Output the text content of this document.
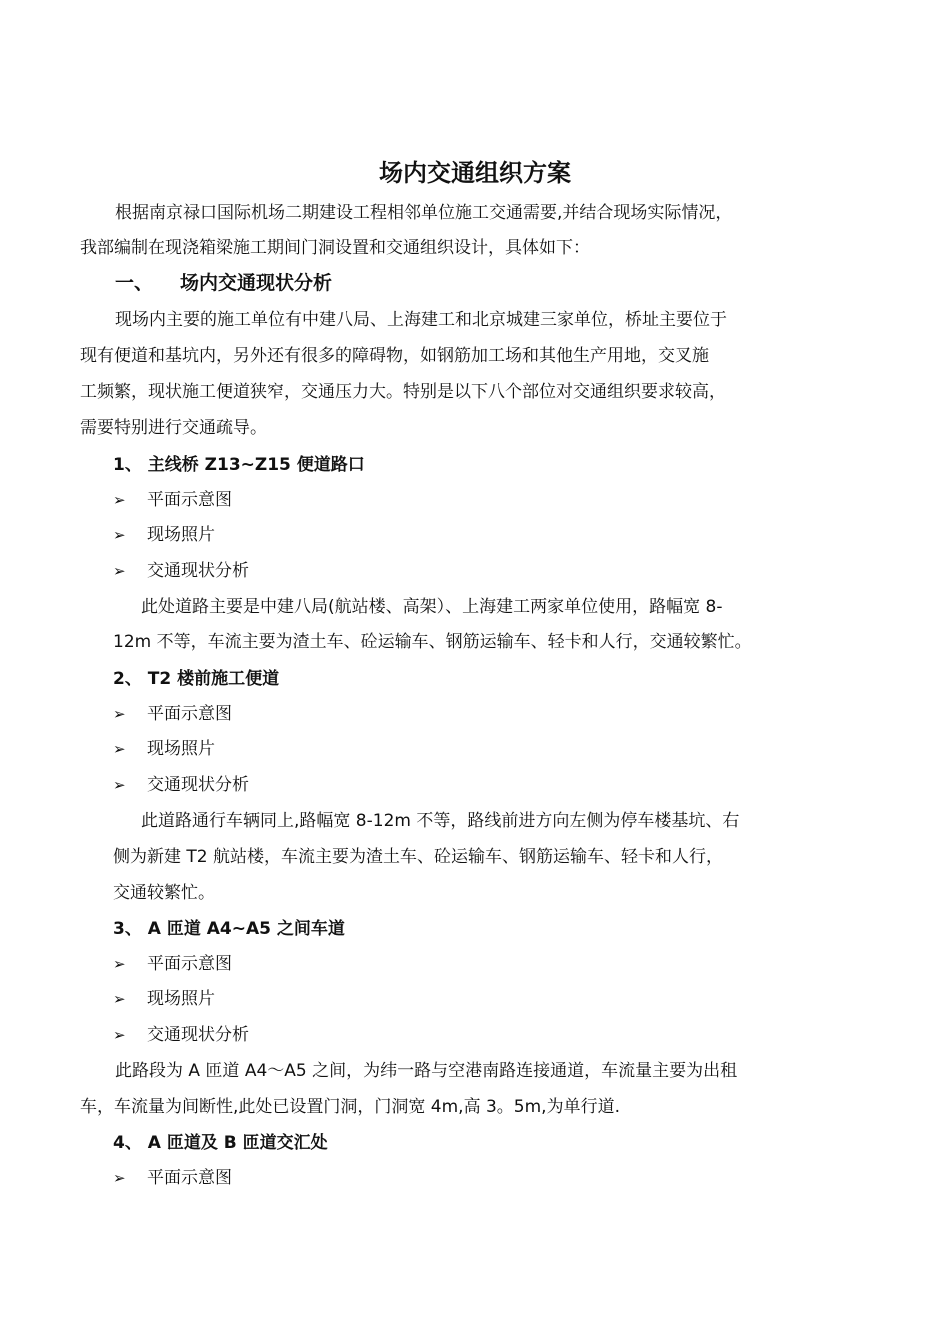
场内交通组织方案
根据南京禄口国际机场二期建设工程相邻单位施工交通需要,并结合现场实际情况，
我部编制在现浇箱梁施工期间门洞设置和交通组织设计，具体如下：
一、 场内交通现状分析
现场内主要的施工单位有中建八局、上海建工和北京城建三家单位，桥址主要位于
现有便道和基坑内，另外还有很多的障碍物，如钢筋加工场和其他生产用地，交叉施
工频繁，现状施工便道狭窄，交通压力大。特别是以下八个部位对交通组织要求较高，
需要特别进行交通疏导。
1、 主线桥 Z13~Z15 便道路口
➢ 平面示意图
➢ 现场照片
➢ 交通现状分析
此处道路主要是中建八局(航站楼、高架）、上海建工两家单位使用，路幅宽 8-
12m 不等，车流主要为渣土车、砼运输车、钢筋运输车、轻卡和人行，交通较繁忙。
2、 T2 楼前施工便道
➢ 平面示意图
➢ 现场照片
➢ 交通现状分析
此道路通行车辆同上,路幅宽 8-12m 不等，路线前进方向左侧为停车楼基坑、右
侧为新建 T2 航站楼，车流主要为渣土车、砼运输车、钢筋运输车、轻卡和人行，
交通较繁忙。
3、 A 匝道 A4~A5 之间车道
➢ 平面示意图
➢ 现场照片
➢ 交通现状分析
此路段为 A 匝道 A4～A5 之间，为纬一路与空港南路连接通道，车流量主要为出租
车，车流量为间断性,此处已设置门洞，门洞宽 4m,高 3。5m,为单行道.
4、 A 匝道及 B 匝道交汇处
➢ 平面示意图
